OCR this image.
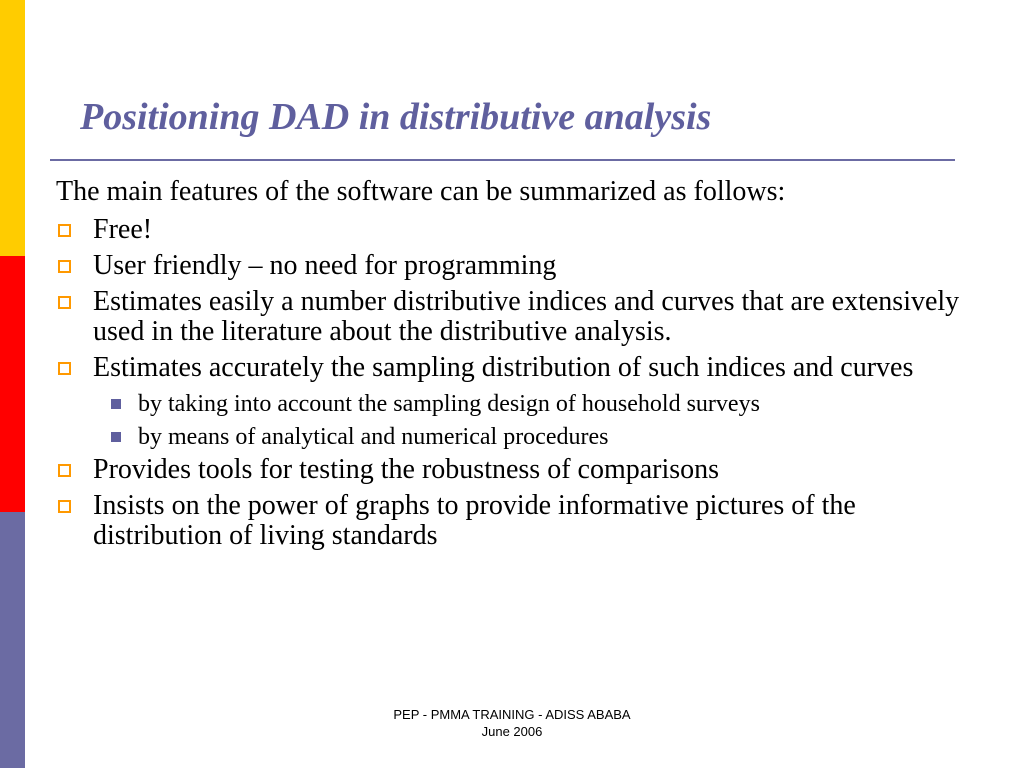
Positioning DAD in distributive analysis

The main features of the software can be summarized as follows:

Free!
User friendly – no need for programming
Estimates easily a number distributive indices and curves that are extensively used in the literature about the distributive analysis.
Estimates accurately the sampling distribution of such indices and curves
by taking into account the sampling design of household surveys
by means of analytical and numerical procedures
Provides tools for testing the robustness of comparisons
Insists on the power of graphs to provide informative pictures of the distribution of living standards
PEP - PMMA TRAINING - ADISS ABABA
June 2006
